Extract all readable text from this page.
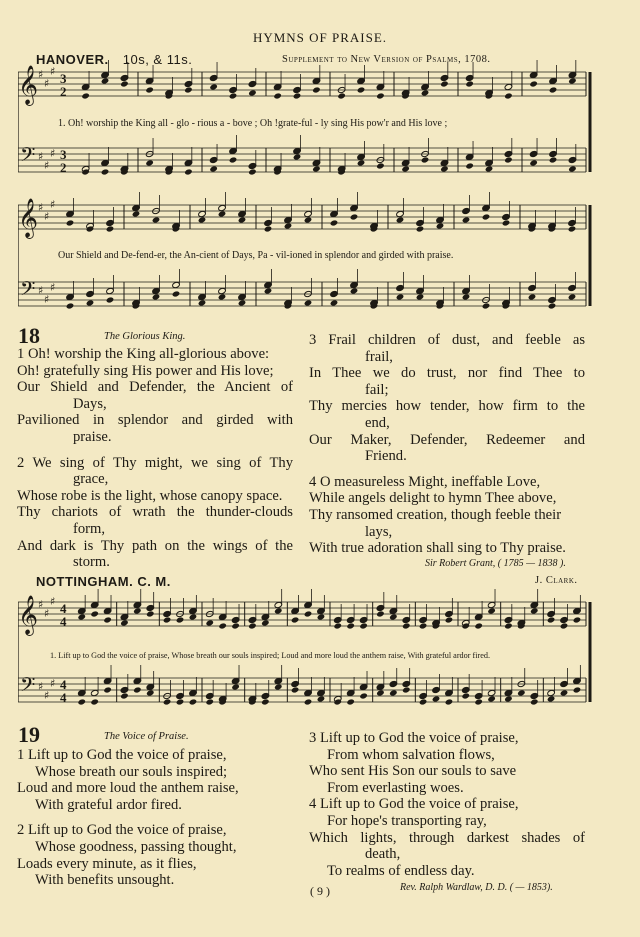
HYMNS OF PRAISE.
HANOVER. 10s, & 11s.	Supplement to New Version of Psalms, 1708.
𝄞 ♯
♯
♯ 3
2
𝄢 ♯
♯
♯ 3
2
𝄞 ♯
♯
♯
𝄢 ♯
♯
♯
1. Oh! worship the King all - glo - rious a - bove ; Oh !grate-ful - ly sing His pow'r and His love ;
Our Shield and De-fend-er, the An-cient of Days, Pa - vil-ioned in splendor and girded with praise.
18	The Glorious King.
1 Oh! worship the King all-glorious above:
Oh! gratefully sing His power and His love;
Our Shield and Defender, the Ancient of
Days,
Pavilioned in splendor and girded with
praise.
2 We sing of Thy might, we sing of Thy
grace,
Whose robe is the light, whose canopy space.
Thy chariots of wrath the thunder-clouds
form,
And dark is Thy path on the wings of the
storm.
3 Frail children of dust, and feeble as
frail,
In Thee we do trust, nor find Thee to
fail;
Thy mercies how tender, how firm to the
end,
Our Maker, Defender, Redeemer and
Friend.
4 O measureless Might, ineffable Love,
While angels delight to hymn Thee above,
Thy ransomed creation, though feeble their
lays,
With true adoration shall sing to Thy praise.
Sir Robert Grant, ( 1785 — 1838 ).
NOTTINGHAM. C. M.	J. Clark.
𝄞 ♯
♯
♯ 4
4
𝄢 ♯
♯
♯ 4
4
1. Lift up to God the voice of praise, Whose breath our souls inspired; Loud and more loud the anthem raise, With grateful ardor fired.
19	The Voice of Praise.
1 Lift up to God the voice of praise,
Whose breath our souls inspired;
Loud and more loud the anthem raise,
With grateful ardor fired.
2 Lift up to God the voice of praise,
Whose goodness, passing thought,
Loads every minute, as it flies,
With benefits unsought.
3 Lift up to God the voice of praise,
From whom salvation flows,
Who sent His Son our souls to save
From everlasting woes.
4 Lift up to God the voice of praise,
For hope's transporting ray,
Which lights, through darkest shades of
death,
To realms of endless day.
Rev. Ralph Wardlaw, D. D. ( — 1853).
( 9 )
